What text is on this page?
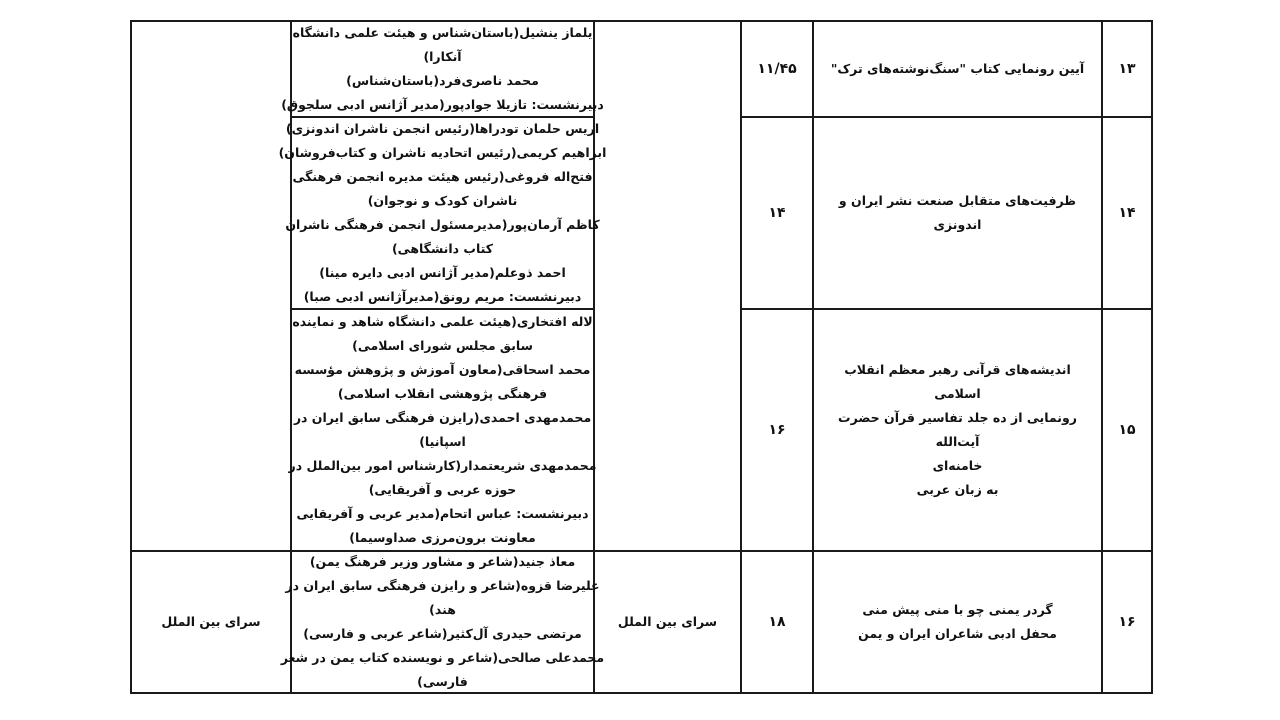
۱۳
آیین رونمایی کتاب "سنگ‌نوشته‌های ترک"
۱۱/۴۵
یلماز ینشیل(باستان‌شناس و هیئت علمی دانشگاه
آنکارا)
محمد ناصری‌فرد(باستان‌شناس)
دبیرنشست: تازیلا جوادپور(مدیر آژانس ادبی سلجوق)
۱۴
ظرفیت‌های متقابل صنعت نشر ایران و اندونزی
۱۴
اریس حلمان تودراها(رئیس انجمن ناشران اندونزی)
ابراهیم کریمی(رئیس اتحادیه ناشران و کتاب‌فروشان)
فتح‌اله فروغی(رئیس هیئت مدیره انجمن فرهنگی
ناشران کودک و نوجوان)
کاظم آرمان‌پور(مدیرمسئول انجمن فرهنگی ناشران
کتاب دانشگاهی)
احمد ذوعلم(مدیر آژانس ادبی دایره مینا)
دبیرنشست: مریم رونق(مدیرآژانس ادبی صبا)
۱۵
اندیشه‌های قرآنی رهبر معظم انقلاب اسلامی
رونمایی از ده جلد تفاسیر قرآن حضرت آیت‌الله
خامنه‌ای
به زبان عربی
۱۶
لاله افتخاری(هیئت علمی دانشگاه شاهد و نماینده
سابق مجلس شورای اسلامی)
محمد اسحاقی(معاون آموزش و پژوهش مؤسسه
فرهنگی پژوهشی انقلاب اسلامی)
محمدمهدی احمدی(رایزن فرهنگی سابق ایران در
اسپانیا)
محمدمهدی شریعتمدار(کارشناس امور بین‌الملل در
حوزه عربی و آفریقایی)
دبیرنشست: عباس اتحام(مدیر عربی و آفریقایی
معاونت برون‌مرزی صداوسیما)
۱۶
گردر یمنی چو با منی پیش منی
محفل ادبی شاعران ایران و یمن
۱۸
سرای بین الملل
معاذ جنید(شاعر و مشاور وزیر فرهنگ یمن)
علیرضا قزوه(شاعر و رایزن فرهنگی سابق ایران در
هند)
مرتضی حیدری آل‌کثیر(شاعر عربی و فارسی)
محمدعلی صالحی(شاعر و نویسنده کتاب یمن در شعر
فارسی)
سرای بین الملل
